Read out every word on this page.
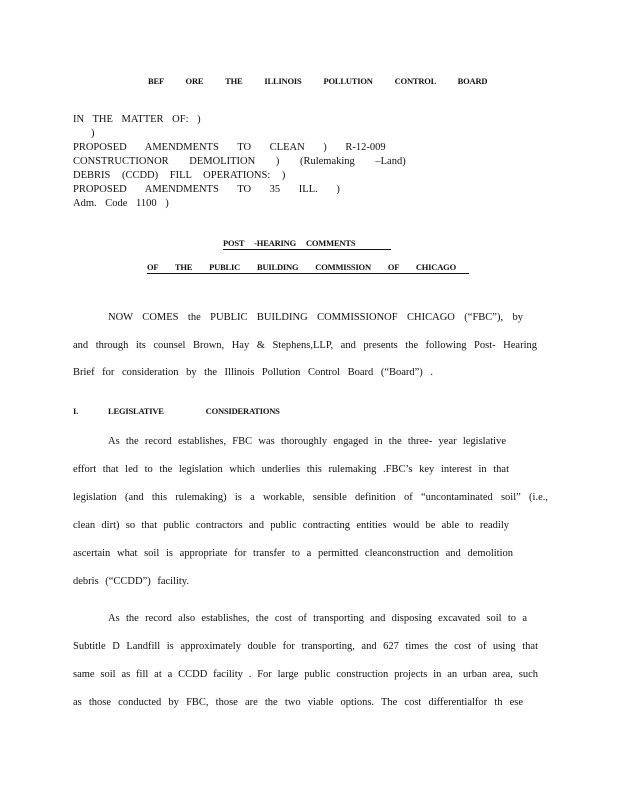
BEF ORE THE ILLINOIS POLLUTION CONTROL BOARD
IN THE MATTER OF: )
)
PROPOSED AMENDMENTS TO CLEAN ) R-12-009
CONSTRUCTIONOR DEMOLITION ) (Rulemaking –Land)
DEBRIS (CCDD) FILL OPERATIONS: )
PROPOSED AMENDMENTS TO 35 ILL. )
Adm. Code 1100 )
POST -HEARING COMMENTS
OF THE PUBLIC BUILDING COMMISSION OF CHICAGO
NOW COMES the PUBLIC BUILDING COMMISSIONOF CHICAGO (“FBC”), by
and through its counsel Brown, Hay & Stephens,LLP, and presents the following Post- Hearing
Brief for consideration by the Illinois Pollution Control Board (“Board”) .
I.	LEGISLATIVE CONSIDERATIONS
As the record establishes, FBC was thoroughly engaged in the three- year legislative
effort that led to the legislation which underlies this rulemaking .FBC’s key interest in that
legislation (and this rulemaking) is a workable, sensible definition of “uncontaminated soil” (i.e.,
clean dirt) so that public contractors and public contracting entities would be able to readily
ascertain what soil is appropriate for transfer to a permitted cleanconstruction and demolition
debris (“CCDD”) facility.
As the record also establishes, the cost of transporting and disposing excavated soil to a
Subtitle D Landfill is approximately double for transporting, and 627 times the cost of using that
same soil as fill at a CCDD facility . For large public construction projects in an urban area, such
as those conducted by FBC, those are the two viable options. The cost differentialfor th ese
